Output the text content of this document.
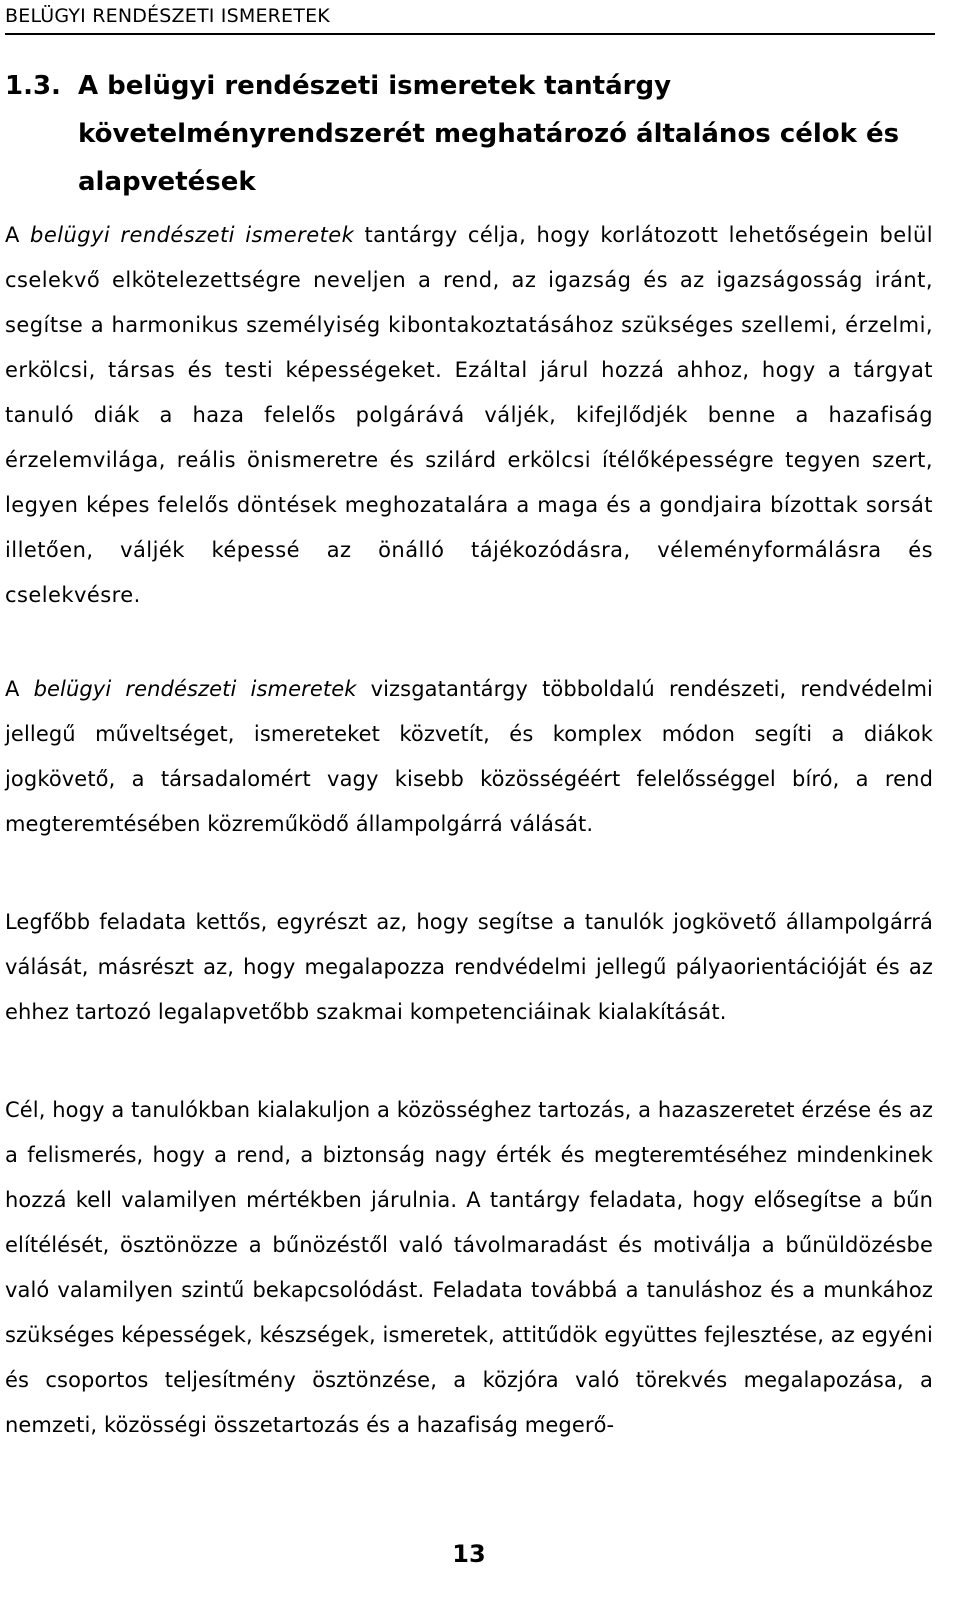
BELÜGYI RENDÉSZETI ISMERETEK
1.3. A belügyi rendészeti ismeretek tantárgy követelményrendszerét meghatározó általános célok és alapvetések

A belügyi rendészeti ismeretek tantárgy célja, hogy korlátozott lehetőségein belül cselekvő elkötelezettségre neveljen a rend, az igazság és az igazságosság iránt, segítse a harmonikus személyiség kibontakoztatásához szükséges szellemi, érzelmi, erkölcsi, társas és testi képességeket. Ezáltal járul hozzá ahhoz, hogy a tárgyat tanuló diák a haza felelős polgárává váljék, kifejlődjék benne a hazafiság érzelemvilága, reális önismeretre és szilárd erkölcsi ítélőképességre tegyen szert, legyen képes felelős döntések meghozatalára a maga és a gondjaira bízottak sorsát illetően, váljék képessé az önálló tájékozódásra, véleményformálásra és cselekvésre.

A belügyi rendészeti ismeretek vizsgatantárgy többoldalú rendészeti, rendvédelmi jellegű műveltséget, ismereteket közvetít, és komplex módon segíti a diákok jogkövető, a társadalomért vagy kisebb közösségéért felelősséggel bíró, a rend megteremtésében közreműködő állampolgárrá válását.

Legfőbb feladata kettős, egyrészt az, hogy segítse a tanulók jogkövető állampolgárrá válását, másrészt az, hogy megalapozza rendvédelmi jellegű pályaorientációját és az ehhez tartozó legalapvetőbb szakmai kompetenciáinak kialakítását.

Cél, hogy a tanulókban kialakuljon a közösséghez tartozás, a hazaszeretet érzése és az a felismerés, hogy a rend, a biztonság nagy érték és megteremtéséhez mindenkinek hozzá kell valamilyen mértékben járulnia. A tantárgy feladata, hogy elősegítse a bűn elítélését, ösztönözze a bűnözéstől való távolmaradást és motiválja a bűnüldözésbe való valamilyen szintű bekapcsolódást. Feladata továbbá a tanuláshoz és a munkához szükséges képességek, készségek, ismeretek, attitűdök együttes fejlesztése, az egyéni és csoportos teljesítmény ösztönzése, a közjóra való törekvés megalapozása, a nemzeti, közösségi összetartozás és a hazafiság megerő-

13
